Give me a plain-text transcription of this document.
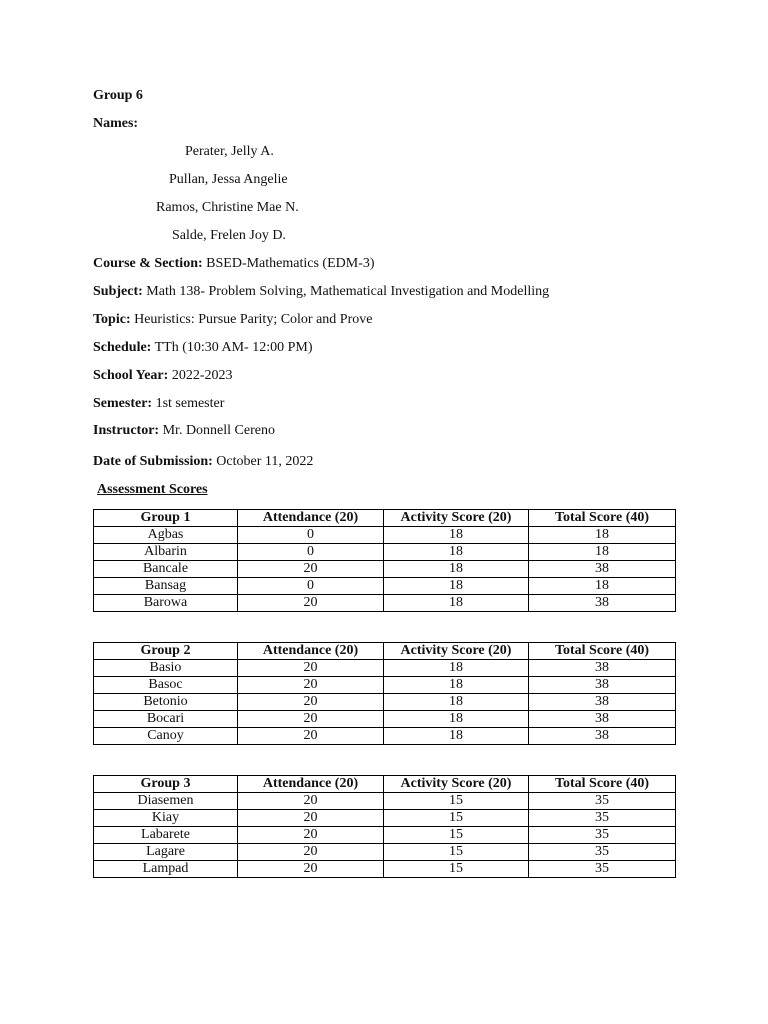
Group 6
Names:
Perater, Jelly A.
Pullan, Jessa Angelie
Ramos, Christine Mae N.
Salde, Frelen Joy D.
Course & Section: BSED-Mathematics (EDM-3)
Subject: Math 138- Problem Solving, Mathematical Investigation and Modelling
Topic: Heuristics: Pursue Parity; Color and Prove
Schedule: TTh (10:30 AM- 12:00 PM)
School Year: 2022-2023
Semester: 1st semester
Instructor: Mr. Donnell Cereno
Date of Submission: October 11, 2022
Assessment Scores
Group 1	Attendance (20)	Activity Score (20)	Total Score (40)
Agbas	0	18	18
Albarin	0	18	18
Bancale	20	18	38
Bansag	0	18	18
Barowa	20	18	38
Group 2	Attendance (20)	Activity Score (20)	Total Score (40)
Basio	20	18	38
Basoc	20	18	38
Betonio	20	18	38
Bocari	20	18	38
Canoy	20	18	38
Group 3	Attendance (20)	Activity Score (20)	Total Score (40)
Diasemen	20	15	35
Kiay	20	15	35
Labarete	20	15	35
Lagare	20	15	35
Lampad	20	15	35
